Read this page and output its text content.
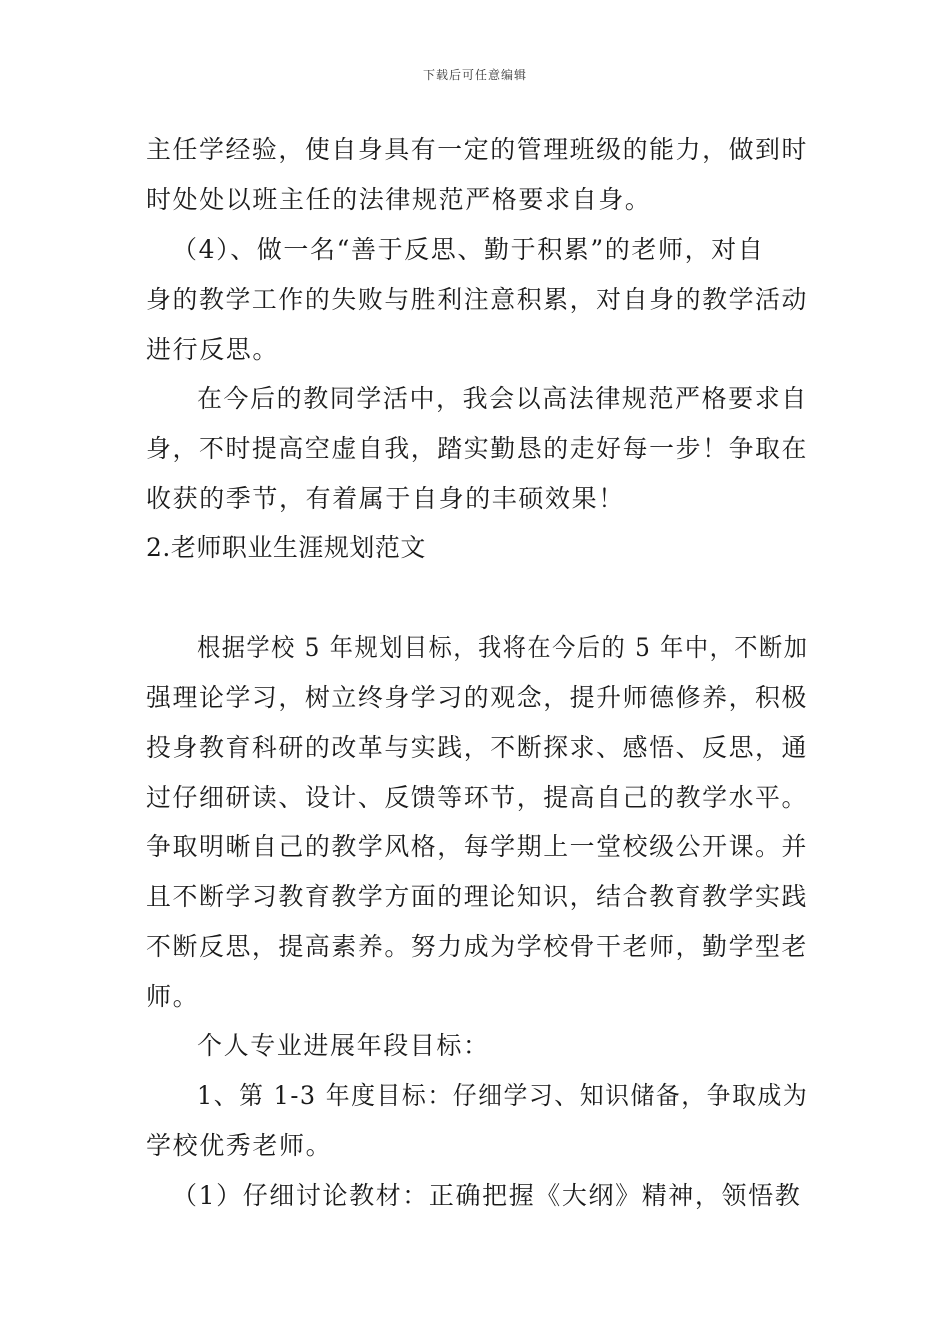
下载后可任意编辑
主任学经验，使自身具有一定的管理班级的能力，做到时
时处处以班主任的法律规范严格要求自身。
（4）、做一名“善于反思、勤于积累”的老师，对自
身的教学工作的失败与胜利注意积累，对自身的教学活动
进行反思。
在今后的教同学活中，我会以高法律规范严格要求自
身，不时提高空虚自我，踏实勤恳的走好每一步！争取在
收获的季节，有着属于自身的丰硕效果！
2.老师职业生涯规划范文
根据学校 5 年规划目标，我将在今后的 5 年中，不断加
强理论学习，树立终身学习的观念，提升师德修养，积极
投身教育科研的改革与实践，不断探求、感悟、反思，通
过仔细研读、设计、反馈等环节，提高自己的教学水平。
争取明晰自己的教学风格，每学期上一堂校级公开课。并
且不断学习教育教学方面的理论知识，结合教育教学实践
不断反思，提高素养。努力成为学校骨干老师，勤学型老
师。
个人专业进展年段目标：
1、第 1-3 年度目标：仔细学习、知识储备，争取成为
学校优秀老师。
（1）仔细讨论教材：正确把握《大纲》精神，领悟教
